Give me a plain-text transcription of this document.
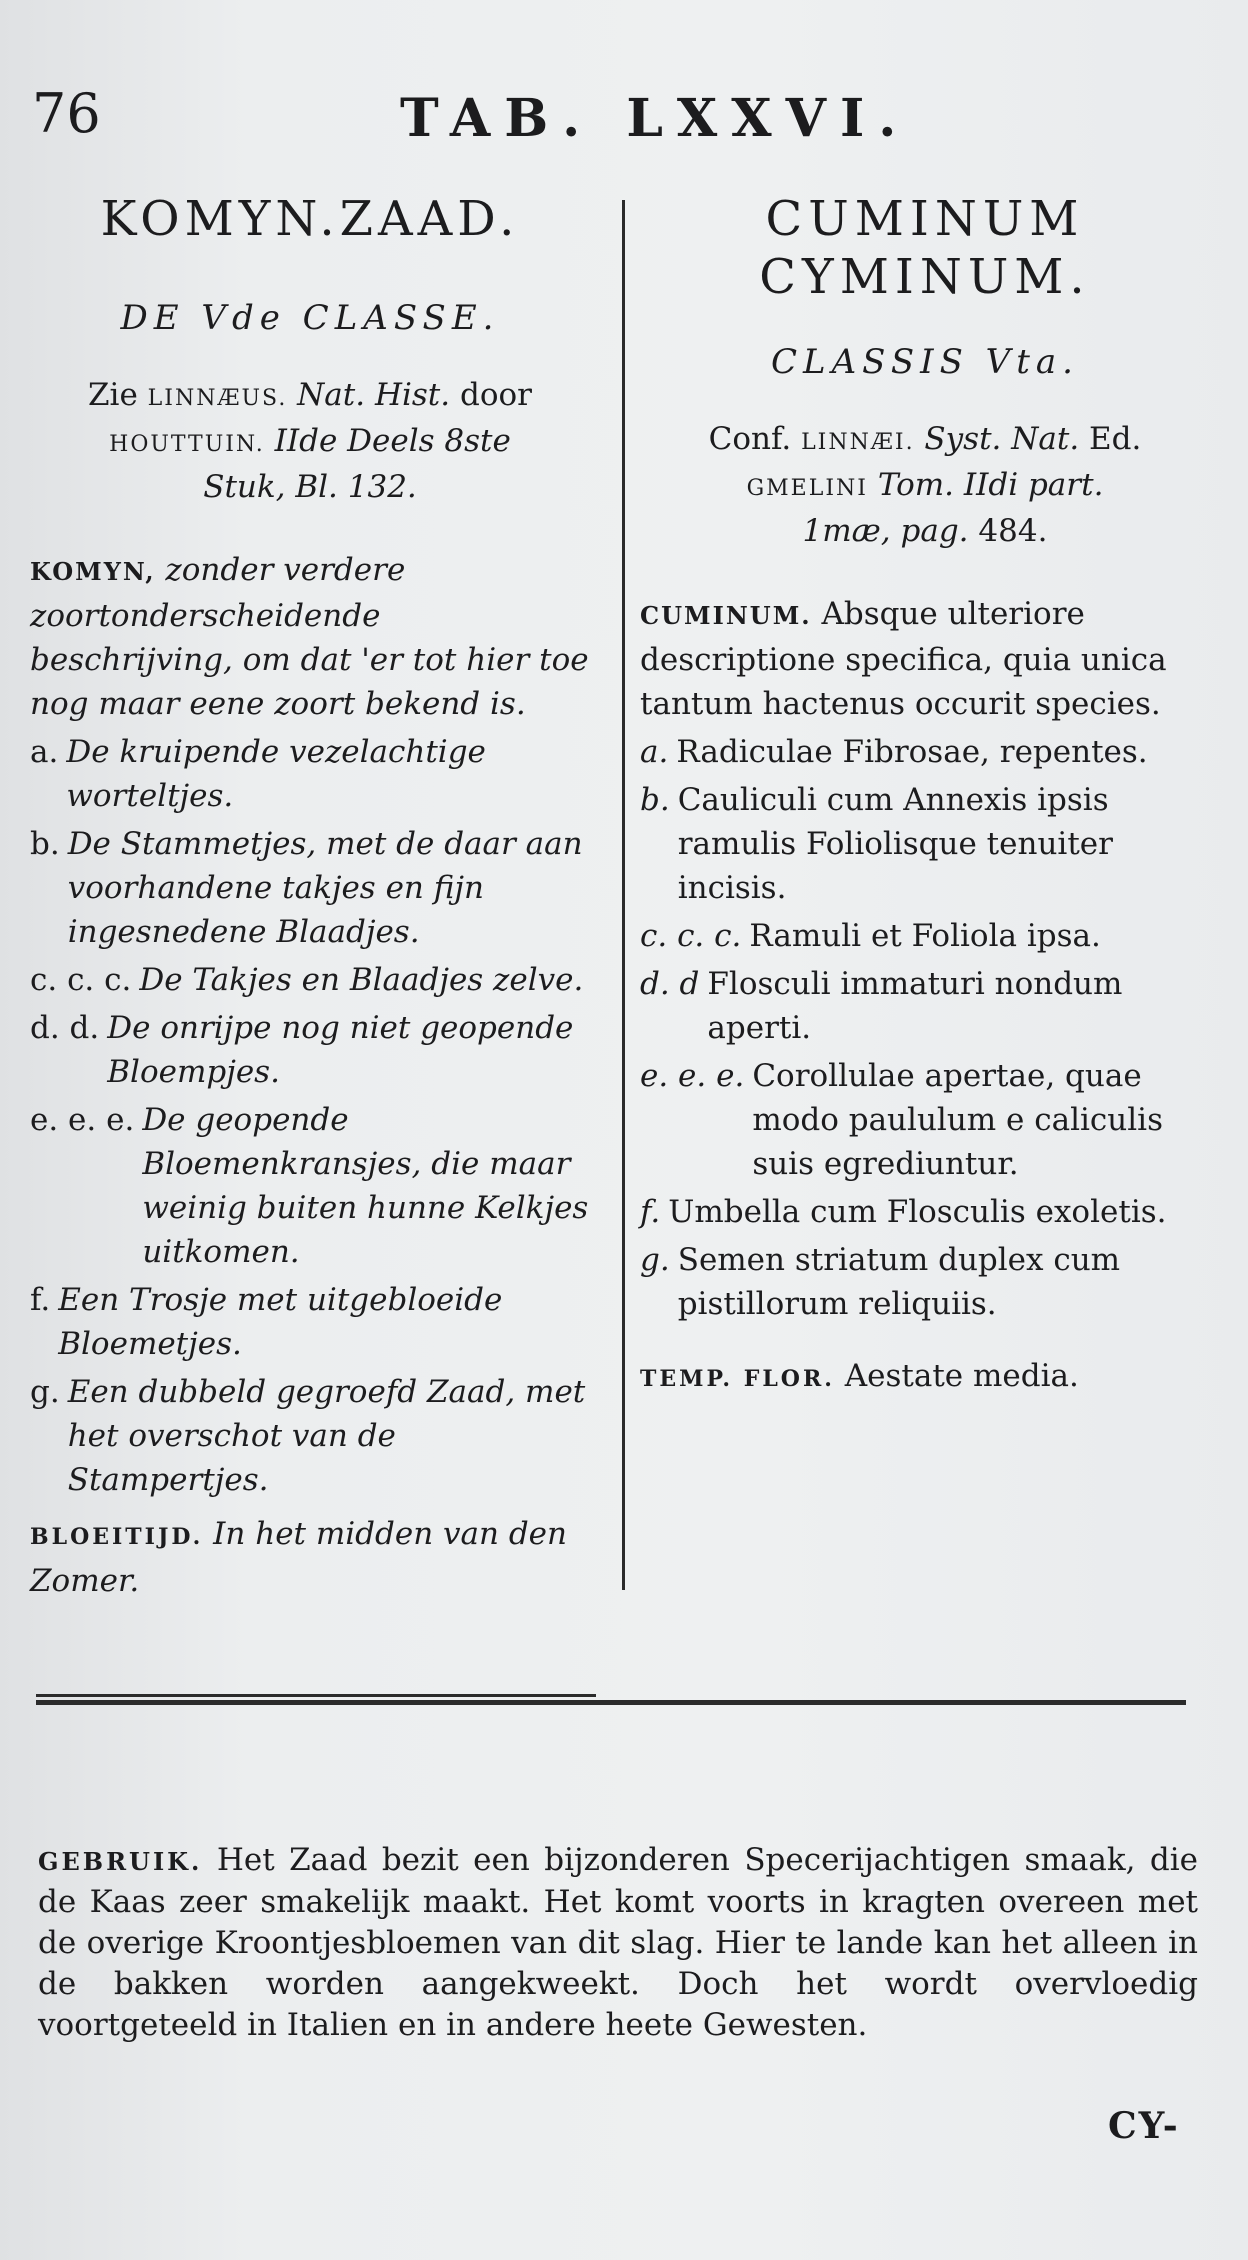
76	TAB. LXXVI.
KOMYN.ZAAD.
DE Vde CLASSE.
Zie LINNÆUS. Nat. Hist. door
HOUTTUIN. IIde Deels 8ste
Stuk, Bl. 132.

KOMYN, zonder verdere zoortonderscheidende beschrijving, om dat 'er tot hier toe nog maar eene zoort bekend is.

a. De kruipende vezelachtige worteltjes.
b. De Stammetjes, met de daar aan voorhandene takjes en fijn ingesnedene Blaadjes.
c. c. c. De Takjes en Blaadjes zelve.
d. d. De onrijpe nog niet geopende Bloempjes.
e. e. e. De geopende Bloemenkransjes, die maar weinig buiten hunne Kelkjes uitkomen.
f. Een Trosje met uitgebloeide Bloemetjes.
g. Een dubbeld gegroefd Zaad, met het overschot van de Stampertjes.
BLOEITIJD. In het midden van den Zomer.
CUMINUM
CYMINUM.
CLASSIS Vta.
Conf. LINNÆI. Syst. Nat. Ed.
GMELINI Tom. IIdi part.
1mæ, pag. 484.

CUMINUM. Absque ulteriore descriptione specifica, quia unica tantum hactenus occurit species.

a. Radiculae Fibrosae, repentes.
b. Cauliculi cum Annexis ipsis ramulis Foliolisque tenuiter incisis.
c. c. c. Ramuli et Foliola ipsa.
d. d Flosculi immaturi nondum aperti.
e. e. e. Corollulae apertae, quae modo paululum e caliculis suis egrediuntur.
f. Umbella cum Flosculis exoletis.
g. Semen striatum duplex cum pistillorum reliquiis.
TEMP. FLOR. Aestate media.
GEBRUIK. Het Zaad bezit een bijzonderen Specerijachtigen smaak, die de Kaas zeer smakelijk maakt. Het komt voorts in kragten overeen met de overige Kroontjesbloemen van dit slag. Hier te lande kan het alleen in de bakken worden aangekweekt. Doch het wordt overvloedig voortgeteeld in Italien en in andere heete Gewesten.
CY-
